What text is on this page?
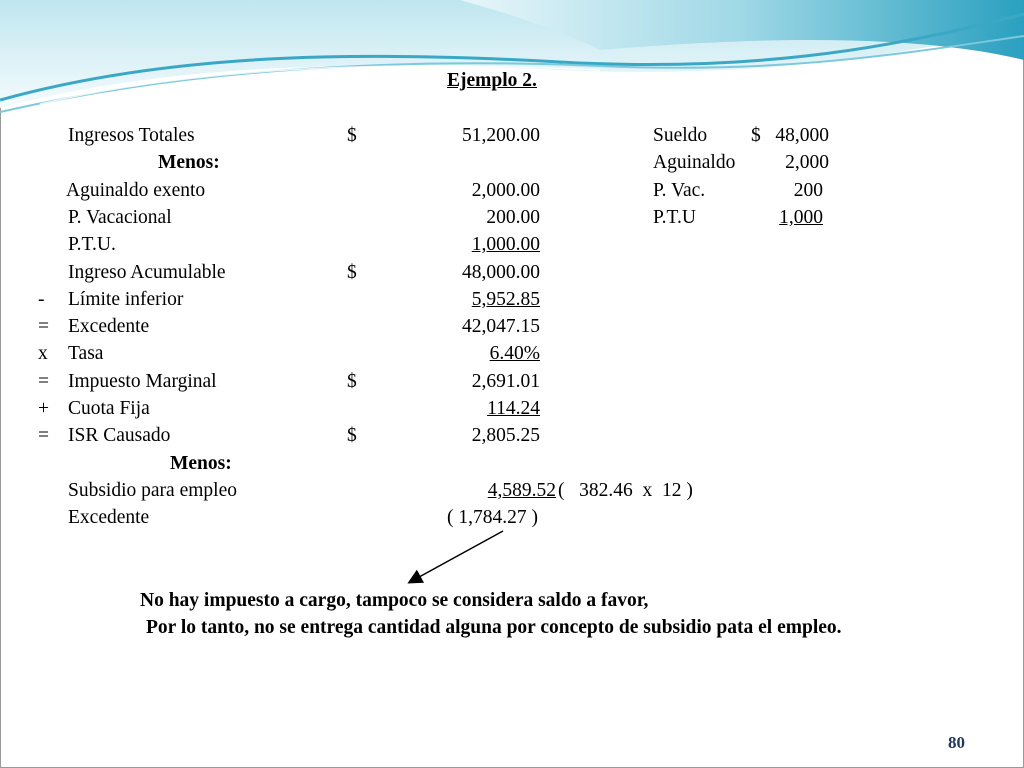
Ejemplo 2.
Ingresos Totales	$	51,200.00
Menos:
Aguinaldo exento	2,000.00
P. Vacacional	200.00
P.T.U.	1,000.00
Ingreso Acumulable	$	48,000.00
- Límite inferior	5,952.85
= Excedente	42,047.15
x Tasa	6.40%
= Impuesto Marginal	$	2,691.01
+ Cuota Fija	114.24
= ISR Causado	$	2,805.25
Menos:
Subsidio para empleo	4,589.52 (   382.46  x  12 )
Excedente	( 1,784.27 )
Sueldo $   48,000
Aguinaldo	2,000
P. Vac.	200
P.T.U	1,000
No hay impuesto a cargo, tampoco se considera saldo a favor,
Por lo tanto, no se entrega cantidad alguna por concepto de subsidio pata el empleo.
80
